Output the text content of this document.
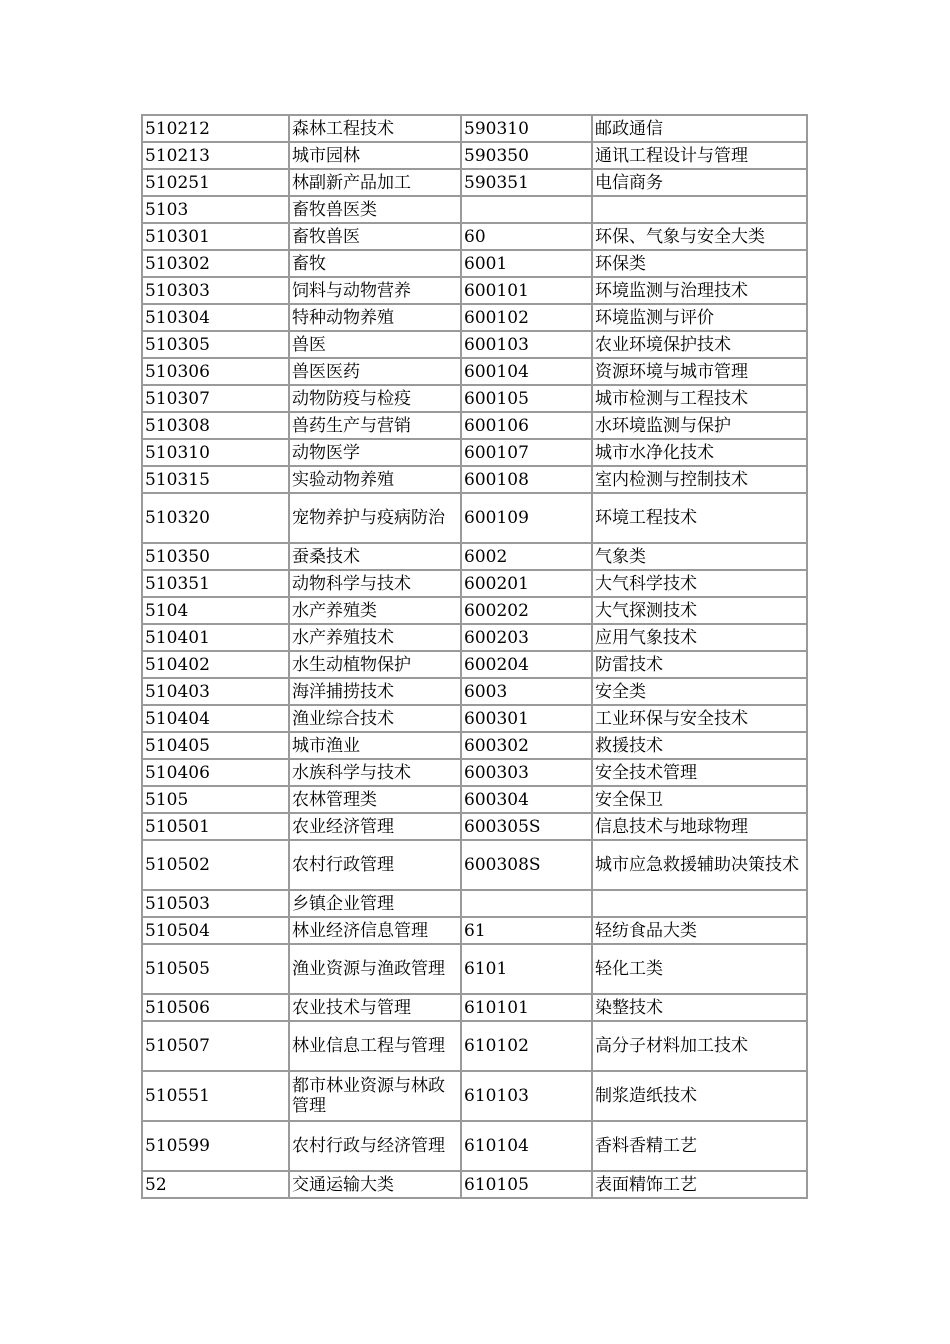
510212	森林工程技术	590310	邮政通信
510213	城市园林	590350	通讯工程设计与管理
510251	林副新产品加工	590351	电信商务
5103	畜牧兽医类		
510301	畜牧兽医	60	环保、气象与安全大类
510302	畜牧	6001	环保类
510303	饲料与动物营养	600101	环境监测与治理技术
510304	特种动物养殖	600102	环境监测与评价
510305	兽医	600103	农业环境保护技术
510306	兽医医药	600104	资源环境与城市管理
510307	动物防疫与检疫	600105	城市检测与工程技术
510308	兽药生产与营销	600106	水环境监测与保护
510310	动物医学	600107	城市水净化技术
510315	实验动物养殖	600108	室内检测与控制技术
510320	宠物养护与疫病防治	600109	环境工程技术
510350	蚕桑技术	6002	气象类
510351	动物科学与技术	600201	大气科学技术
5104	水产养殖类	600202	大气探测技术
510401	水产养殖技术	600203	应用气象技术
510402	水生动植物保护	600204	防雷技术
510403	海洋捕捞技术	6003	安全类
510404	渔业综合技术	600301	工业环保与安全技术
510405	城市渔业	600302	救援技术
510406	水族科学与技术	600303	安全技术管理
5105	农林管理类	600304	安全保卫
510501	农业经济管理	600305S	信息技术与地球物理
510502	农村行政管理	600308S	城市应急救援辅助决策技术
510503	乡镇企业管理		
510504	林业经济信息管理	61	轻纺食品大类
510505	渔业资源与渔政管理	6101	轻化工类
510506	农业技术与管理	610101	染整技术
510507	林业信息工程与管理	610102	高分子材料加工技术
510551	都市林业资源与林政管理	610103	制浆造纸技术
510599	农村行政与经济管理	610104	香料香精工艺
52	交通运输大类	610105	表面精饰工艺
